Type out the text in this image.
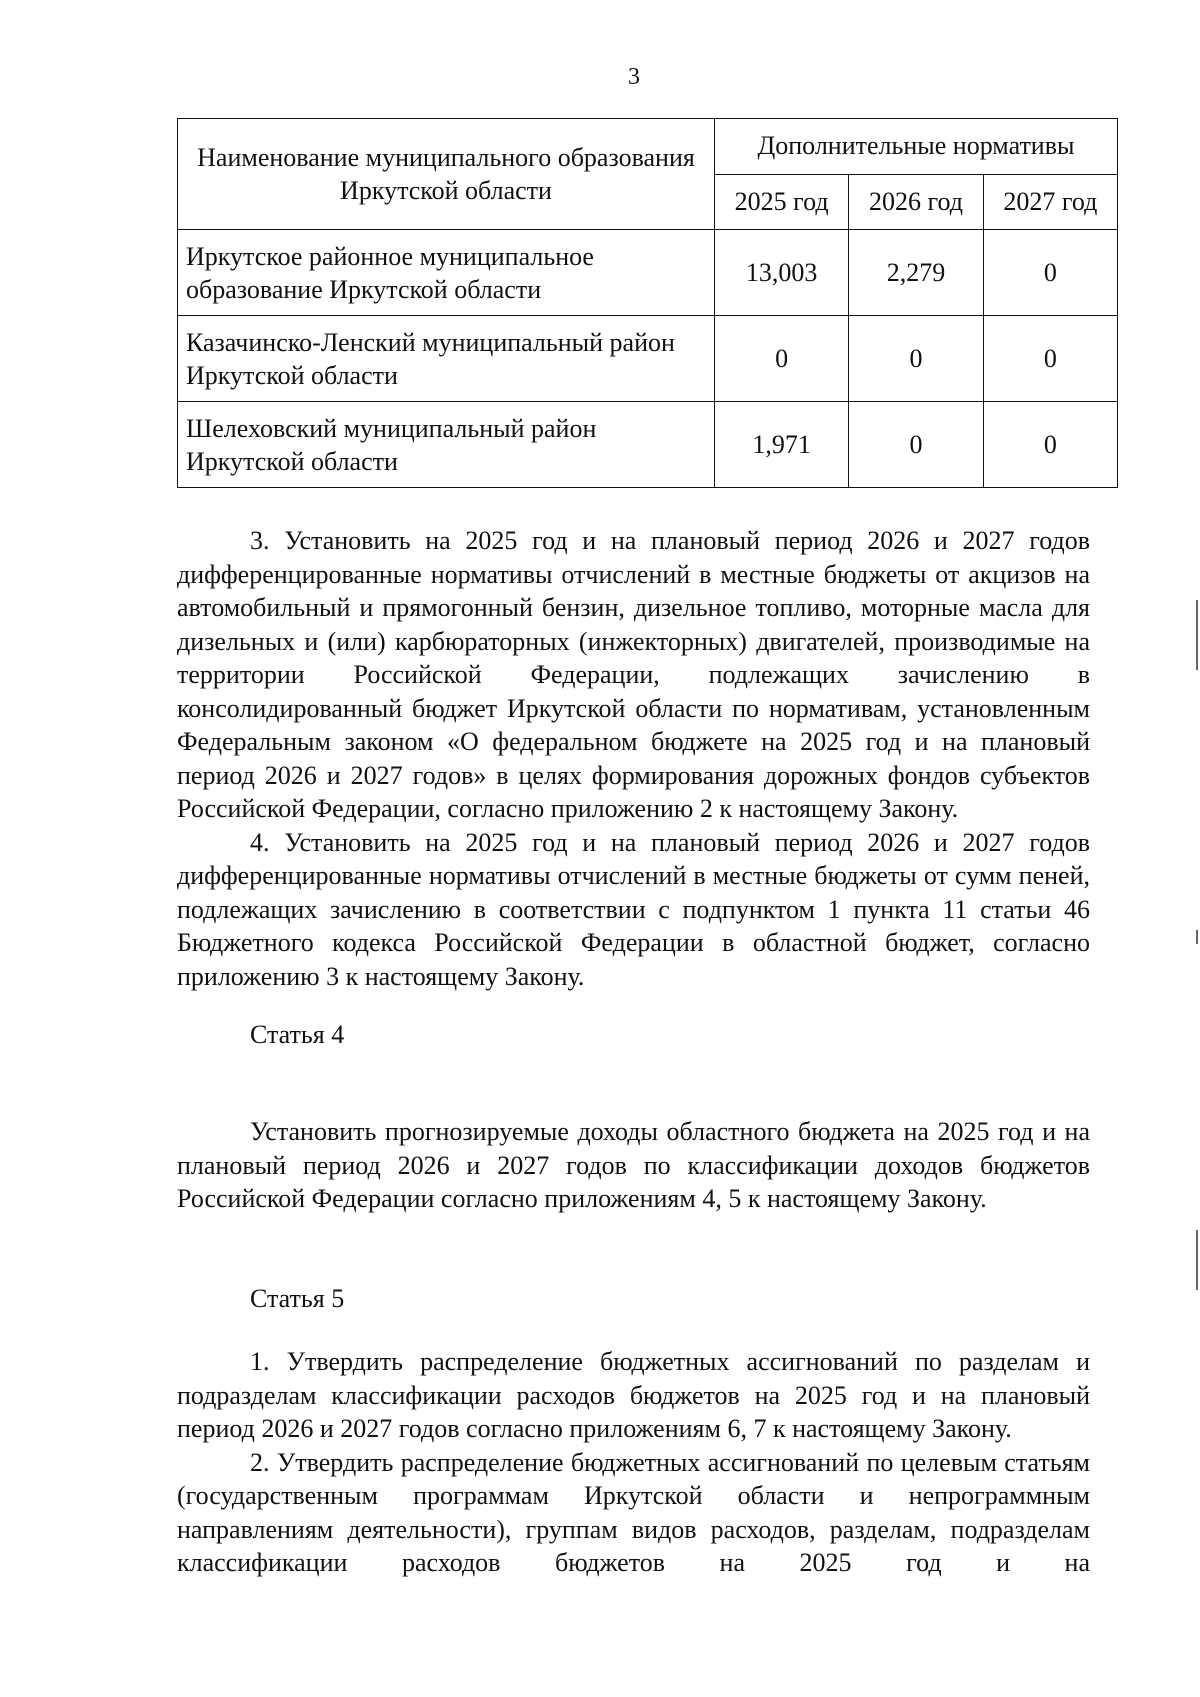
3
Наименование муниципального образования Иркутской области	Дополнительные нормативы		
	2025 год	2026 год	2027 год
Иркутское районное муниципальное образование Иркутской области	13,003	2,279	0
Казачинско-Ленский муниципальный район Иркутской области	0	0	0
Шелеховский муниципальный район Иркутской области	1,971	0	0

3. Установить на 2025 год и на плановый период 2026 и 2027 годов дифференцированные нормативы отчислений в местные бюджеты от акцизов на автомобильный и прямогонный бензин, дизельное топливо, моторные масла для дизельных и (или) карбюраторных (инжекторных) двигателей, производимые на территории Российской Федерации, подлежащих зачислению в консолидированный бюджет Иркутской области по нормативам, установленным Федеральным законом «О федеральном бюджете на 2025 год и на плановый период 2026 и 2027 годов» в целях формирования дорожных фондов субъектов Российской Федерации, согласно приложению 2 к настоящему Закону.

4. Установить на 2025 год и на плановый период 2026 и 2027 годов дифференцированные нормативы отчислений в местные бюджеты от сумм пеней, подлежащих зачислению в соответствии с подпунктом 1 пункта 11 статьи 46 Бюджетного кодекса Российской Федерации в областной бюджет, согласно приложению 3 к настоящему Закону.

Статья 4

Установить прогнозируемые доходы областного бюджета на 2025 год и на плановый период 2026 и 2027 годов по классификации доходов бюджетов Российской Федерации согласно приложениям 4, 5 к настоящему Закону.

Статья 5

1. Утвердить распределение бюджетных ассигнований по разделам и подразделам классификации расходов бюджетов на 2025 год и на плановый период 2026 и 2027 годов согласно приложениям 6, 7 к настоящему Закону.

2. Утвердить распределение бюджетных ассигнований по целевым статьям (государственным программам Иркутской области и непрограммным направлениям деятельности), группам видов расходов, разделам, подразделам классификации расходов бюджетов на 2025 год и на
